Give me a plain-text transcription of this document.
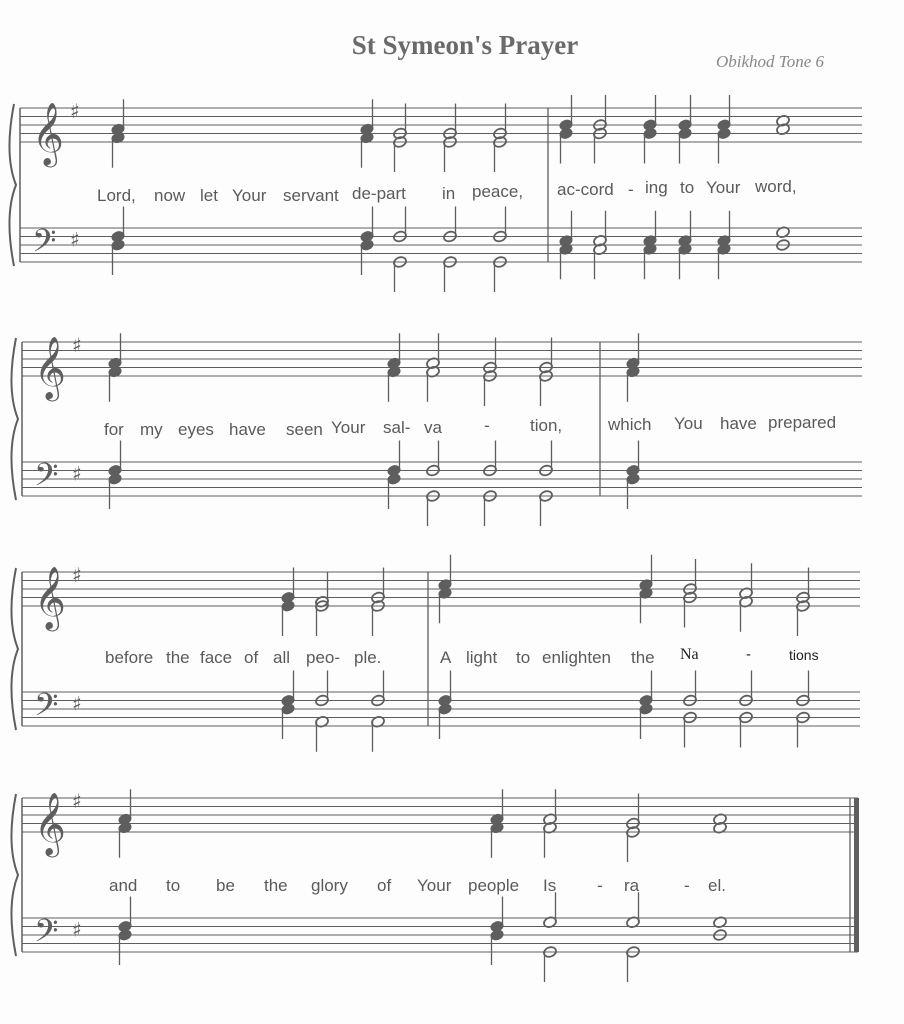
St Symeon's Prayer
Obikhod Tone 6
𝄞 ♯
𝄢 ♯
𝄞 ♯
𝄢 ♯
𝄞 ♯
𝄢 ♯
𝄞 ♯
𝄢 ♯
Lord, now let Your servant de-part in peace, ac-cord - ing to Your word,
for my eyes have seen Your sal- va - tion,	which You have prepared
before the face of all peo- ple.	A light to enlighten the Na	-	tions
and to be the glory of Your people Is - ra	- el.
